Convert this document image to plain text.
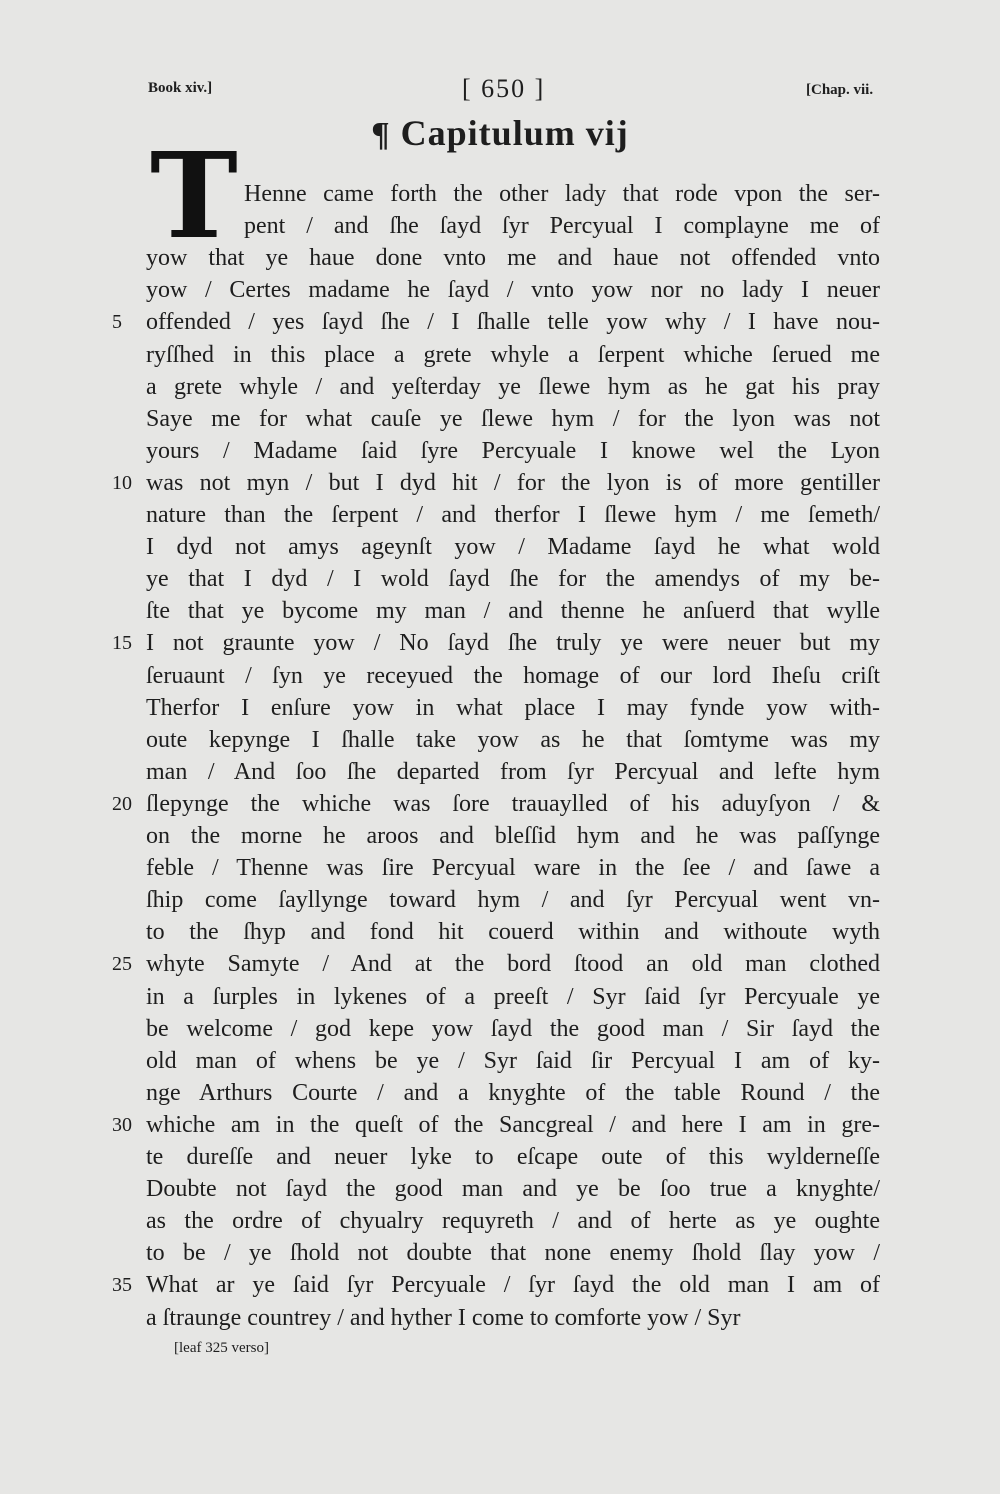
Book xiv.]	[ 650 ]	[Chap. vii.
¶ Capitulum vij
T Henne came forth the other lady that rode vpon the ser-
pent / and ſhe ſayd ſyr Percyual I complayne me of
yow that ye haue done vnto me and haue not offended vnto
yow / Certes madame he ſayd / vnto yow nor no lady I neuer
offended / yes ſayd ſhe / I ſhalle telle yow why / I have nou-
ryſſhed in this place a grete whyle a ſerpent whiche ſerued me
a grete whyle / and yeſterday ye ſlewe hym as he gat his pray
Saye me for what cauſe ye ſlewe hym / for the lyon was not
yours / Madame ſaid ſyre Percyuale I knowe wel the Lyon
was not myn / but I dyd hit / for the lyon is of more gentiller
nature than the ſerpent / and therfor I ſlewe hym / me ſemeth/
I dyd not amys ageynſt yow / Madame ſayd he what wold
ye that I dyd / I wold ſayd ſhe for the amendys of my be-
ſte that ye bycome my man / and thenne he anſuerd that wylle
I not graunte yow / No ſayd ſhe truly ye were neuer but my
ſeruaunt / ſyn ye receyued the homage of our lord Iheſu criſt
Therfor I enſure yow in what place I may fynde yow with-
oute kepynge I ſhalle take yow as he that ſomtyme was my
man / And ſoo ſhe departed from ſyr Percyual and lefte hym
ſlepynge the whiche was ſore trauaylled of his aduyſyon / &
on the morne he aroos and bleſſid hym and he was paſſynge
feble / Thenne was ſire Percyual ware in the ſee / and ſawe a
ſhip come ſayllynge toward hym / and ſyr Percyual went vn-
to the ſhyp and fond hit couerd within and withoute wyth
whyte Samyte / And at the bord ſtood an old man clothed
in a ſurples in lykenes of a preeſt / Syr ſaid ſyr Percyuale ye
be welcome / god kepe yow ſayd the good man / Sir ſayd the
old man of whens be ye / Syr ſaid ſir Percyual I am of ky-
nge Arthurs Courte / and a knyghte of the table Round / the
whiche am in the queſt of the Sancgreal / and here I am in gre-
te dureſſe and neuer lyke to eſcape oute of this wylderneſſe
Doubte not ſayd the good man and ye be ſoo true a knyghte/
as the ordre of chyualry requyreth / and of herte as ye oughte
to be / ye ſhold not doubte that none enemy ſhold ſlay yow /
What ar ye ſaid ſyr Percyuale / ſyr ſayd the old man I am of
a ſtraunge countrey / and hyther I come to comforte yow / Syr
5
10
15
20
25
30
35
[leaf 325 verso]
